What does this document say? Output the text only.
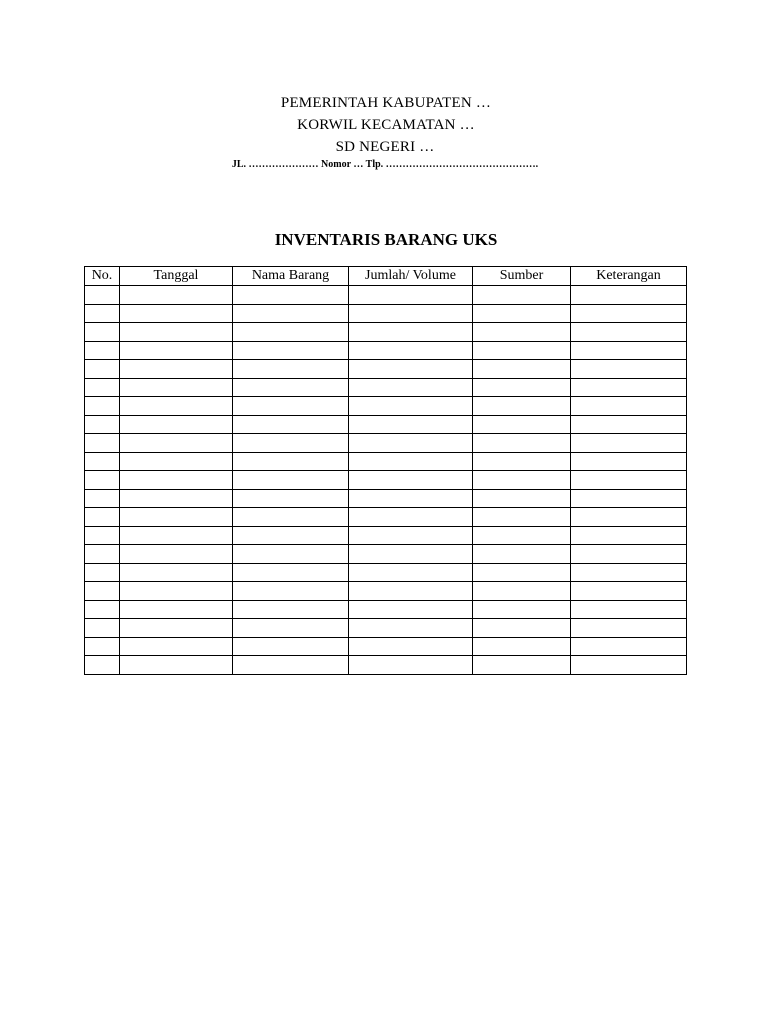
PEMERINTAH KABUPATEN …

KORWIL KECAMATAN …

SD NEGERI …

JL. ………………… Nomor … Tlp. ……………………………………….

INVENTARIS BARANG UKS
No.	Tanggal	Nama Barang	Jumlah/ Volume	Sumber	Keterangan
